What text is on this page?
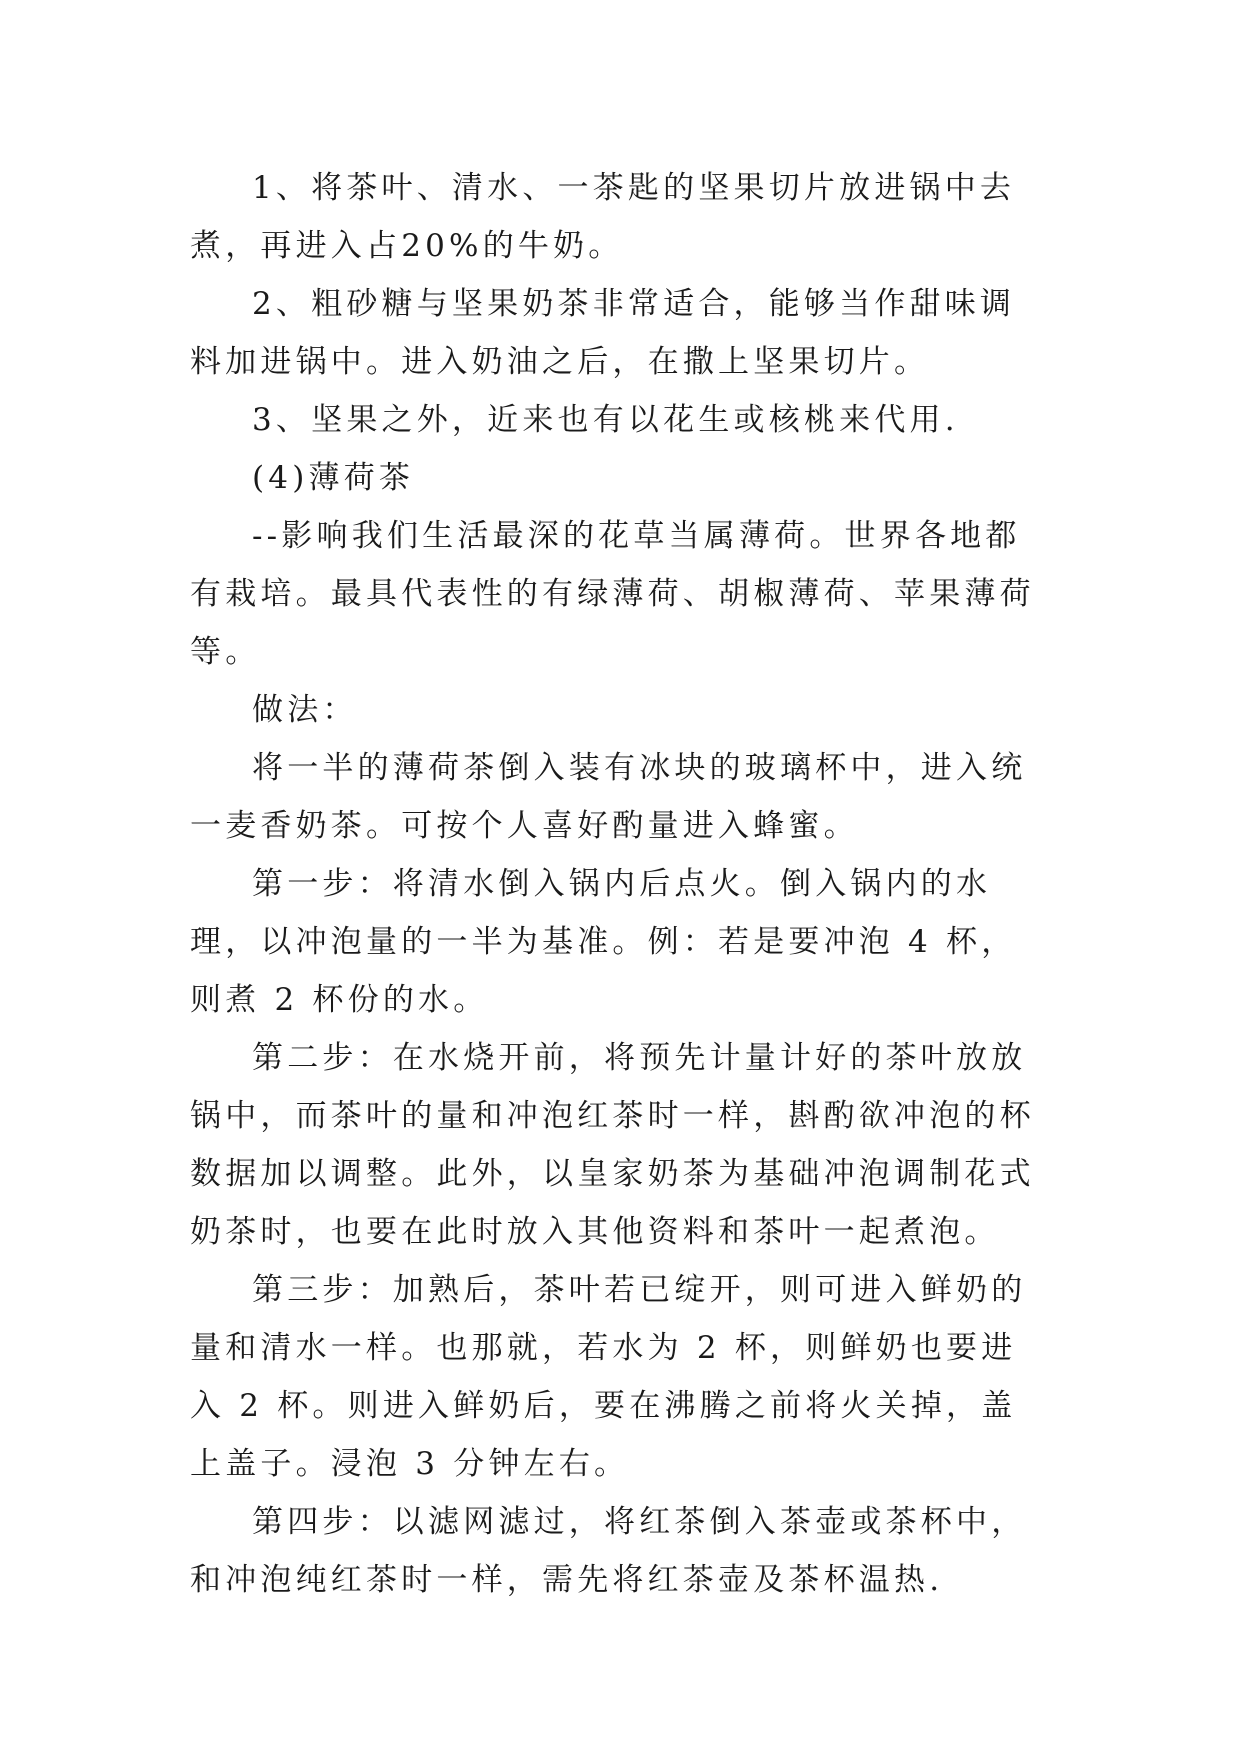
1、将茶叶、清水、一茶匙的坚果切片放进锅中去煮，再进入占20%的牛奶。

2、粗砂糖与坚果奶茶非常适合，能够当作甜味调料加进锅中。进入奶油之后，在撒上坚果切片。

3、坚果之外，近来也有以花生或核桃来代用.

(4)薄荷茶

--影响我们生活最深的花草当属薄荷。世界各地都有栽培。最具代表性的有绿薄荷、胡椒薄荷、苹果薄荷等。

做法：

将一半的薄荷茶倒入装有冰块的玻璃杯中，进入统一麦香奶茶。可按个人喜好酌量进入蜂蜜。

第一步：将清水倒入锅内后点火。倒入锅内的水理，以冲泡量的一半为基准。例：若是要冲泡 4 杯，则煮 2 杯份的水。

第二步：在水烧开前，将预先计量计好的茶叶放放锅中，而茶叶的量和冲泡红茶时一样，斟酌欲冲泡的杯数据加以调整。此外，以皇家奶茶为基础冲泡调制花式奶茶时，也要在此时放入其他资料和茶叶一起煮泡。

第三步：加熟后，茶叶若已绽开，则可进入鲜奶的量和清水一样。也那就，若水为 2 杯，则鲜奶也要进入 2 杯。则进入鲜奶后，要在沸腾之前将火关掉，盖上盖子。浸泡 3 分钟左右。

第四步：以滤网滤过，将红茶倒入茶壶或茶杯中，和冲泡纯红茶时一样，需先将红茶壶及茶杯温热.
